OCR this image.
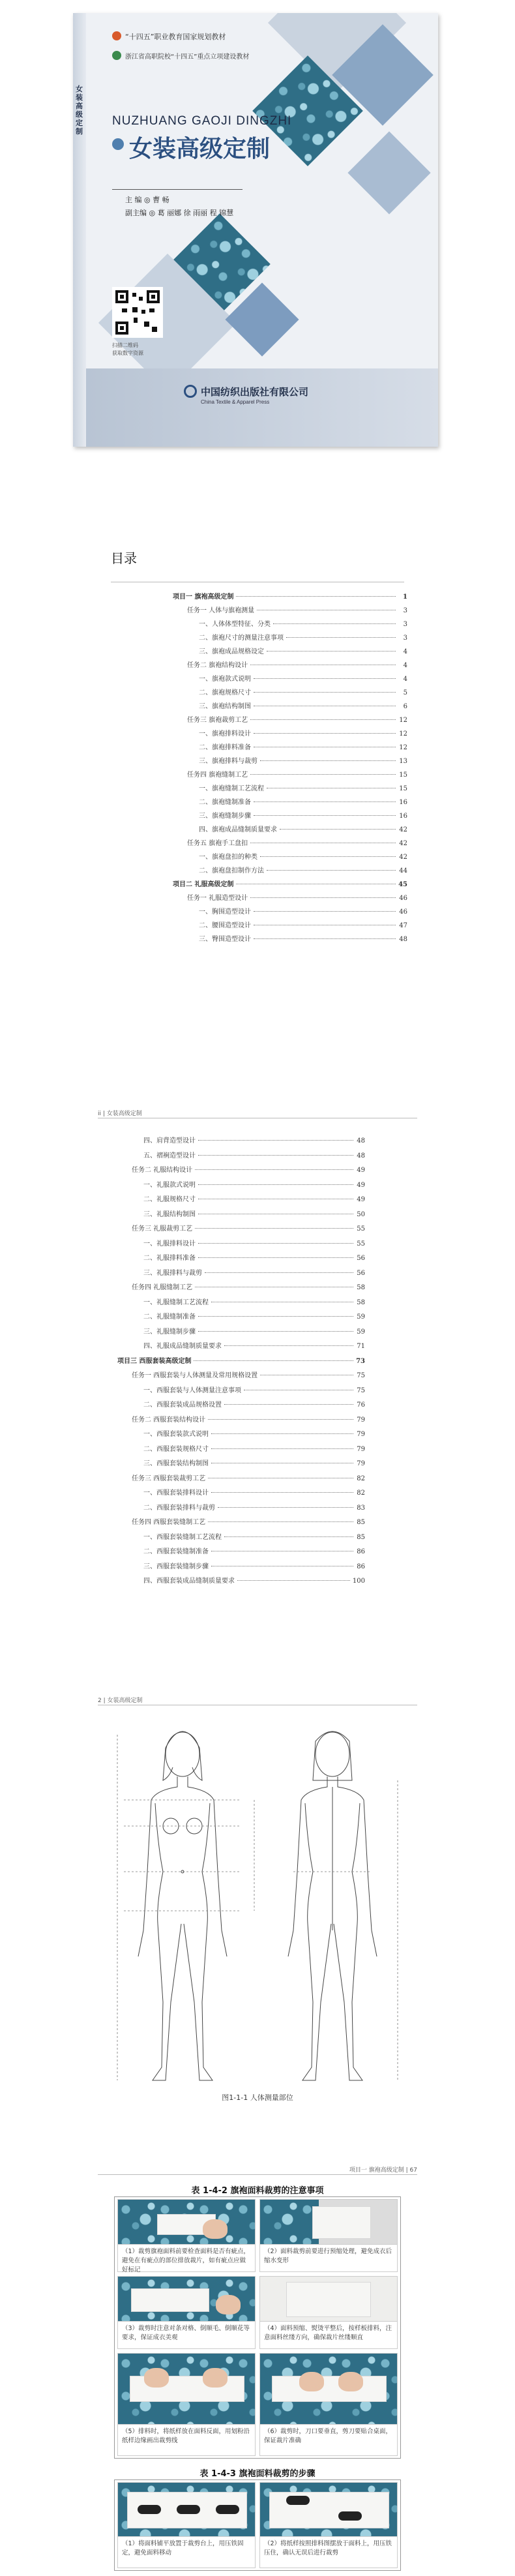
“十四五”职业教育国家规划教材
浙江省高职院校“十四五”重点立项建设教材
NUZHUANG GAOJI DINGZHI
女装高级定制
主 编 ◎ 曹 畅
副主编 ◎ 葛 丽娜 徐 雨丽 程 锦慧
扫描二维码
获取数字资源
中国纺织出版社有限公司
China Textile & Apparel Press
女装高级定制
目录
项目一 旗袍高级定制	1
任务一 人体与旗袍测量	3
一、人体体型特征、分类	3
二、旗袍尺寸的测量注意事项	3
三、旗袍成品规格设定	4
任务二 旗袍结构设计	4
一、旗袍款式说明	4
二、旗袍规格尺寸	5
三、旗袍结构制图	6
任务三 旗袍裁剪工艺	12
一、旗袍排料设计	12
二、旗袍排料准备	12
三、旗袍排料与裁剪	13
任务四 旗袍缝制工艺	15
一、旗袍缝制工艺流程	15
二、旗袍缝制准备	16
三、旗袍缝制步骤	16
四、旗袍成品缝制质量要求	42
任务五 旗袍手工盘扣	42
一、旗袍盘扣的种类	42
二、旗袍盘扣制作方法	44
项目二 礼服高级定制	45
任务一 礼服造型设计	46
一、胸围造型设计	46
二、腰围造型设计	47
三、臀围造型设计	48
ii | 女装高级定制
四、肩背造型设计	48
五、褶裥造型设计	48
任务二 礼服结构设计	49
一、礼服款式说明	49
二、礼服规格尺寸	49
三、礼服结构制图	50
任务三 礼服裁剪工艺	55
一、礼服排料设计	55
二、礼服排料准备	56
三、礼服排料与裁剪	56
任务四 礼服缝制工艺	58
一、礼服缝制工艺流程	58
二、礼服缝制准备	59
三、礼服缝制步骤	59
四、礼服成品缝制质量要求	71
项目三 西服套装高级定制	73
任务一 西服套装与人体测量及常用规格设置	75
一、西服套装与人体测量注意事项	75
二、西服套装成品规格设置	76
任务二 西服套装结构设计	79
一、西服套装款式说明	79
二、西服套装规格尺寸	79
三、西服套装结构制图	79
任务三 西服套装裁剪工艺	82
一、西服套装排料设计	82
二、西服套装排料与裁剪	83
任务四 西服套装缝制工艺	85
一、西服套装缝制工艺流程	85
二、西服套装缝制准备	86
三、西服套装缝制步骤	86
四、西服套装成品缝制质量要求	100
2 | 女装高级定制
图1-1-1 人体测量部位
项目一 旗袍高级定制 | 67
表 1-4-2 旗袍面料裁剪的注意事项
（1）裁剪旗袍面料前要检查面料是否有疵点，避免在有疵点的部位排放裁片，如有疵点应做好标记
（2）面料裁剪前要进行预缩处理，避免成衣后缩水变形
（3）裁剪时注意对条对格、倒顺毛、倒顺花等要求，保证成衣美观
（4）面料预缩、熨烫平整后，按样板排料，注意面料丝缕方向，确保裁片丝缕顺直
（5）排料时，将纸样放在面料反面，用划粉沿纸样边缘画出裁剪线
（6）裁剪时，刀口要垂直，剪刀要贴合桌面，保证裁片准确
表 1-4-3 旗袍面料裁剪的步骤
（1）将面料铺平放置于裁剪台上，用压铁固定，避免面料移动
（2）将纸样按照排料图摆放于面料上，用压铁压住，确认无误后进行裁剪
